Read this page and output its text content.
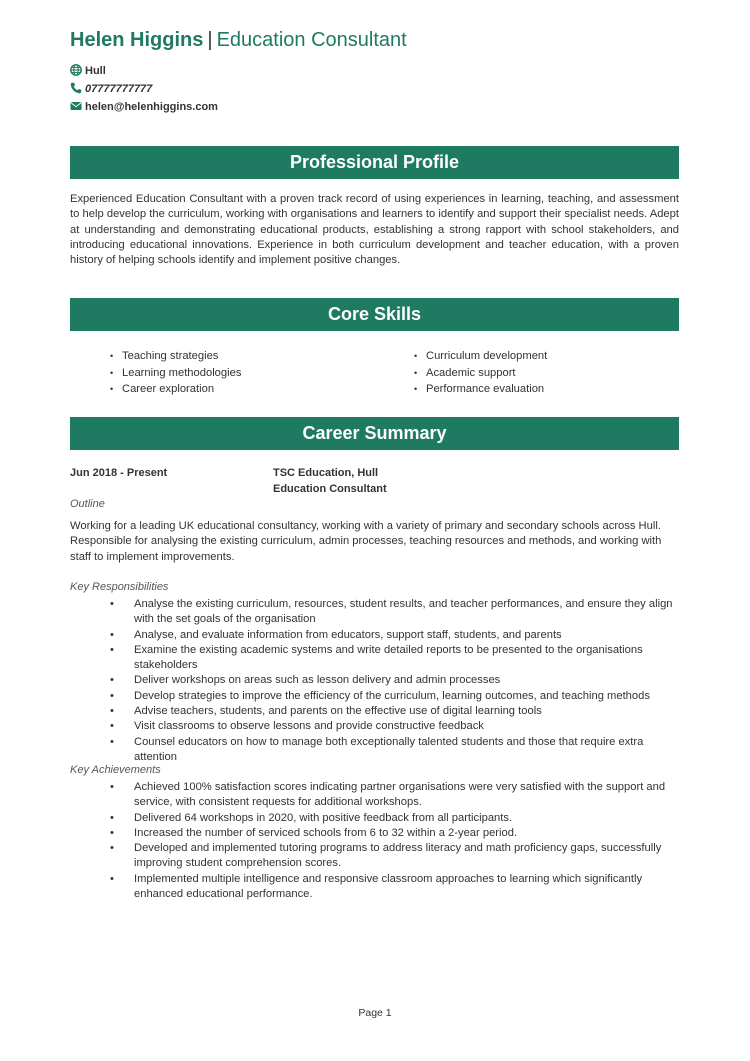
Helen Higgins | Education Consultant
Hull
07777777777
helen@helenhiggins.com
Professional Profile
Experienced Education Consultant with a proven track record of using experiences in learning, teaching, and assessment to help develop the curriculum, working with organisations and learners to identify and support their specialist needs. Adept at understanding and demonstrating educational products, establishing a strong rapport with school stakeholders, and introducing educational innovations. Experience in both curriculum development and teacher education, with a proven history of helping schools identify and implement positive changes.
Core Skills
• Teaching strategies
• Learning methodologies
• Career exploration
• Curriculum development
• Academic support
• Performance evaluation
Career Summary
Jun 2018 - Present	TSC Education, Hull
Education Consultant
Outline
Working for a leading UK educational consultancy, working with a variety of primary and secondary schools across Hull. Responsible for analysing the existing curriculum, admin processes, teaching resources and methods, and working with staff to implement improvements.
Key Responsibilities
• Analyse the existing curriculum, resources, student results, and teacher performances, and ensure they align with the set goals of the organisation
• Analyse, and evaluate information from educators, support staff, students, and parents
• Examine the existing academic systems and write detailed reports to be presented to the organisations stakeholders
• Deliver workshops on areas such as lesson delivery and admin processes
• Develop strategies to improve the efficiency of the curriculum, learning outcomes, and teaching methods
• Advise teachers, students, and parents on the effective use of digital learning tools
• Visit classrooms to observe lessons and provide constructive feedback
• Counsel educators on how to manage both exceptionally talented students and those that require extra attention
Key Achievements
• Achieved 100% satisfaction scores indicating partner organisations were very satisfied with the support and service, with consistent requests for additional workshops.
• Delivered 64 workshops in 2020, with positive feedback from all participants.
• Increased the number of serviced schools from 6 to 32 within a 2-year period.
• Developed and implemented tutoring programs to address literacy and math proficiency gaps, successfully improving student comprehension scores.
• Implemented multiple intelligence and responsive classroom approaches to learning which significantly enhanced educational performance.
Page 1
